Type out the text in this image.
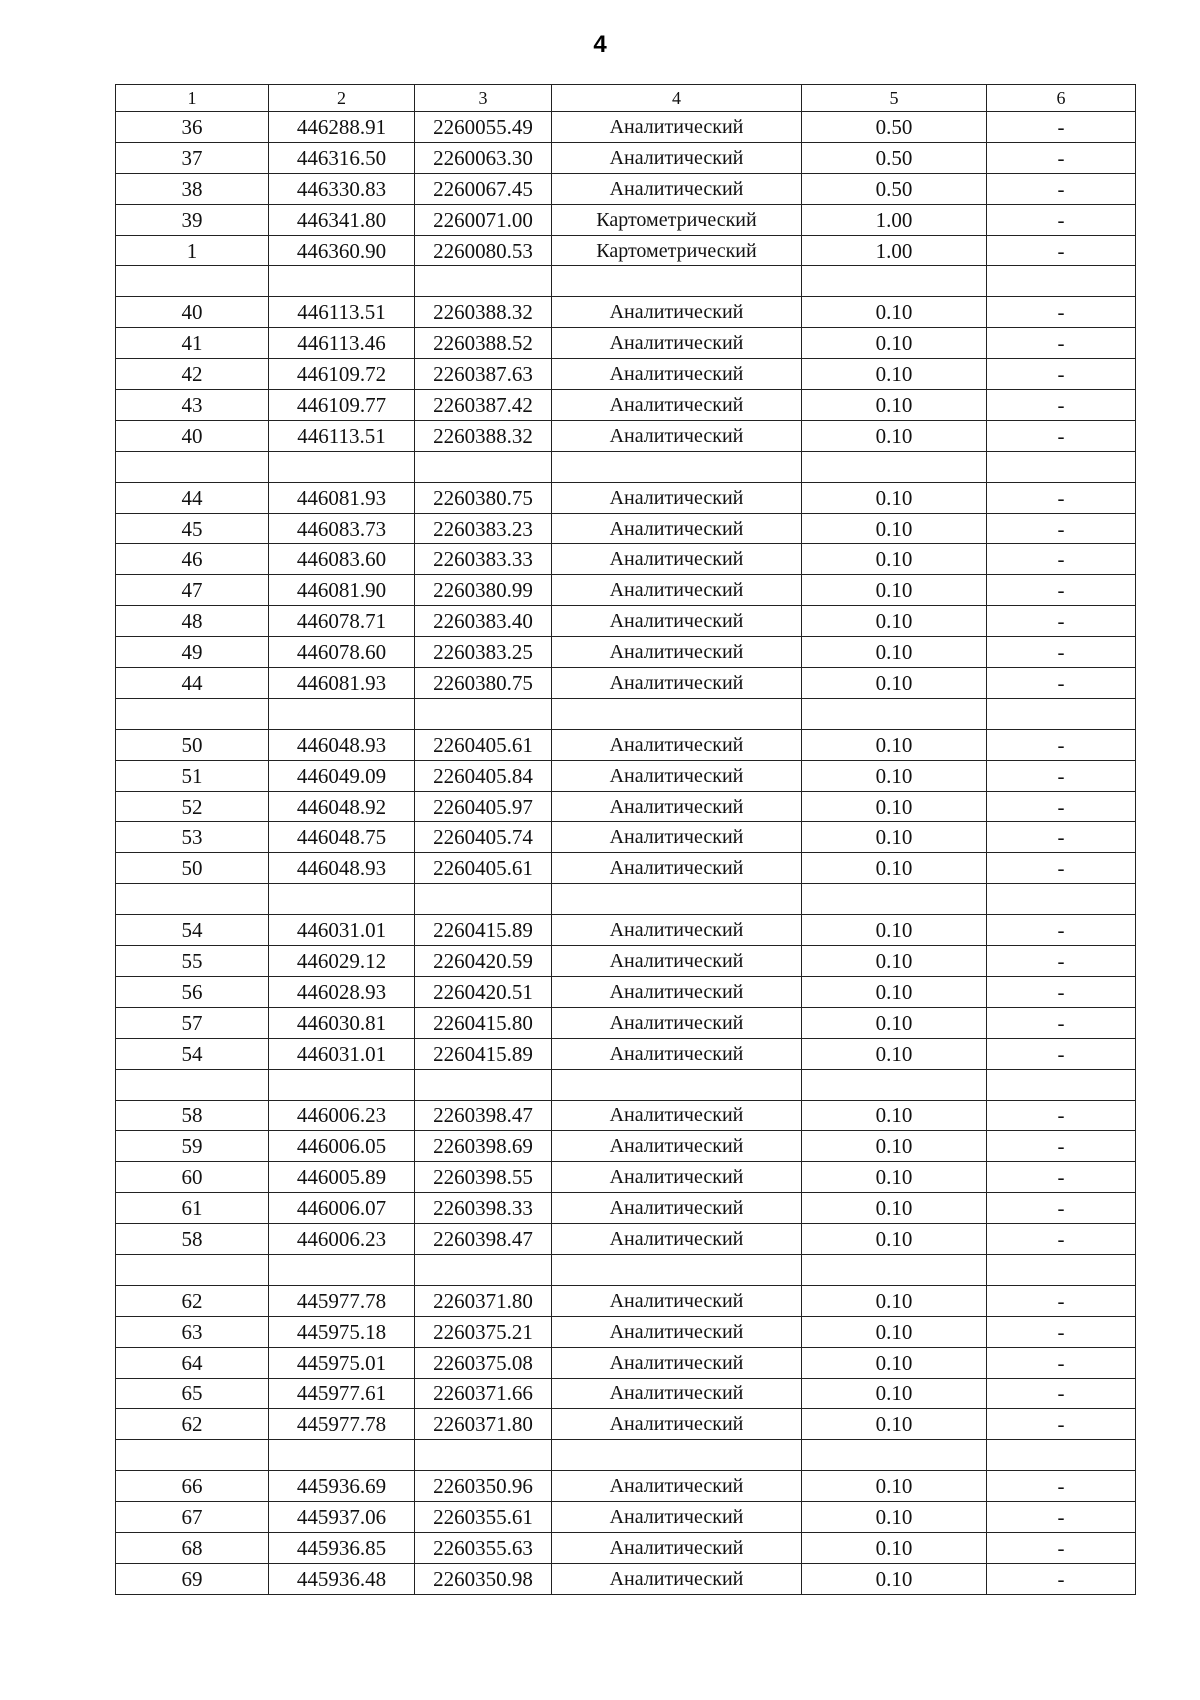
4
1	2	3	4	5	6
36	446288.91	2260055.49	Аналитический	0.50	-
37	446316.50	2260063.30	Аналитический	0.50	-
38	446330.83	2260067.45	Аналитический	0.50	-
39	446341.80	2260071.00	Картометрический	1.00	-
1	446360.90	2260080.53	Картометрический	1.00	-

40	446113.51	2260388.32	Аналитический	0.10	-
41	446113.46	2260388.52	Аналитический	0.10	-
42	446109.72	2260387.63	Аналитический	0.10	-
43	446109.77	2260387.42	Аналитический	0.10	-
40	446113.51	2260388.32	Аналитический	0.10	-

44	446081.93	2260380.75	Аналитический	0.10	-
45	446083.73	2260383.23	Аналитический	0.10	-
46	446083.60	2260383.33	Аналитический	0.10	-
47	446081.90	2260380.99	Аналитический	0.10	-
48	446078.71	2260383.40	Аналитический	0.10	-
49	446078.60	2260383.25	Аналитический	0.10	-
44	446081.93	2260380.75	Аналитический	0.10	-

50	446048.93	2260405.61	Аналитический	0.10	-
51	446049.09	2260405.84	Аналитический	0.10	-
52	446048.92	2260405.97	Аналитический	0.10	-
53	446048.75	2260405.74	Аналитический	0.10	-
50	446048.93	2260405.61	Аналитический	0.10	-

54	446031.01	2260415.89	Аналитический	0.10	-
55	446029.12	2260420.59	Аналитический	0.10	-
56	446028.93	2260420.51	Аналитический	0.10	-
57	446030.81	2260415.80	Аналитический	0.10	-
54	446031.01	2260415.89	Аналитический	0.10	-

58	446006.23	2260398.47	Аналитический	0.10	-
59	446006.05	2260398.69	Аналитический	0.10	-
60	446005.89	2260398.55	Аналитический	0.10	-
61	446006.07	2260398.33	Аналитический	0.10	-
58	446006.23	2260398.47	Аналитический	0.10	-

62	445977.78	2260371.80	Аналитический	0.10	-
63	445975.18	2260375.21	Аналитический	0.10	-
64	445975.01	2260375.08	Аналитический	0.10	-
65	445977.61	2260371.66	Аналитический	0.10	-
62	445977.78	2260371.80	Аналитический	0.10	-

66	445936.69	2260350.96	Аналитический	0.10	-
67	445937.06	2260355.61	Аналитический	0.10	-
68	445936.85	2260355.63	Аналитический	0.10	-
69	445936.48	2260350.98	Аналитический	0.10	-
